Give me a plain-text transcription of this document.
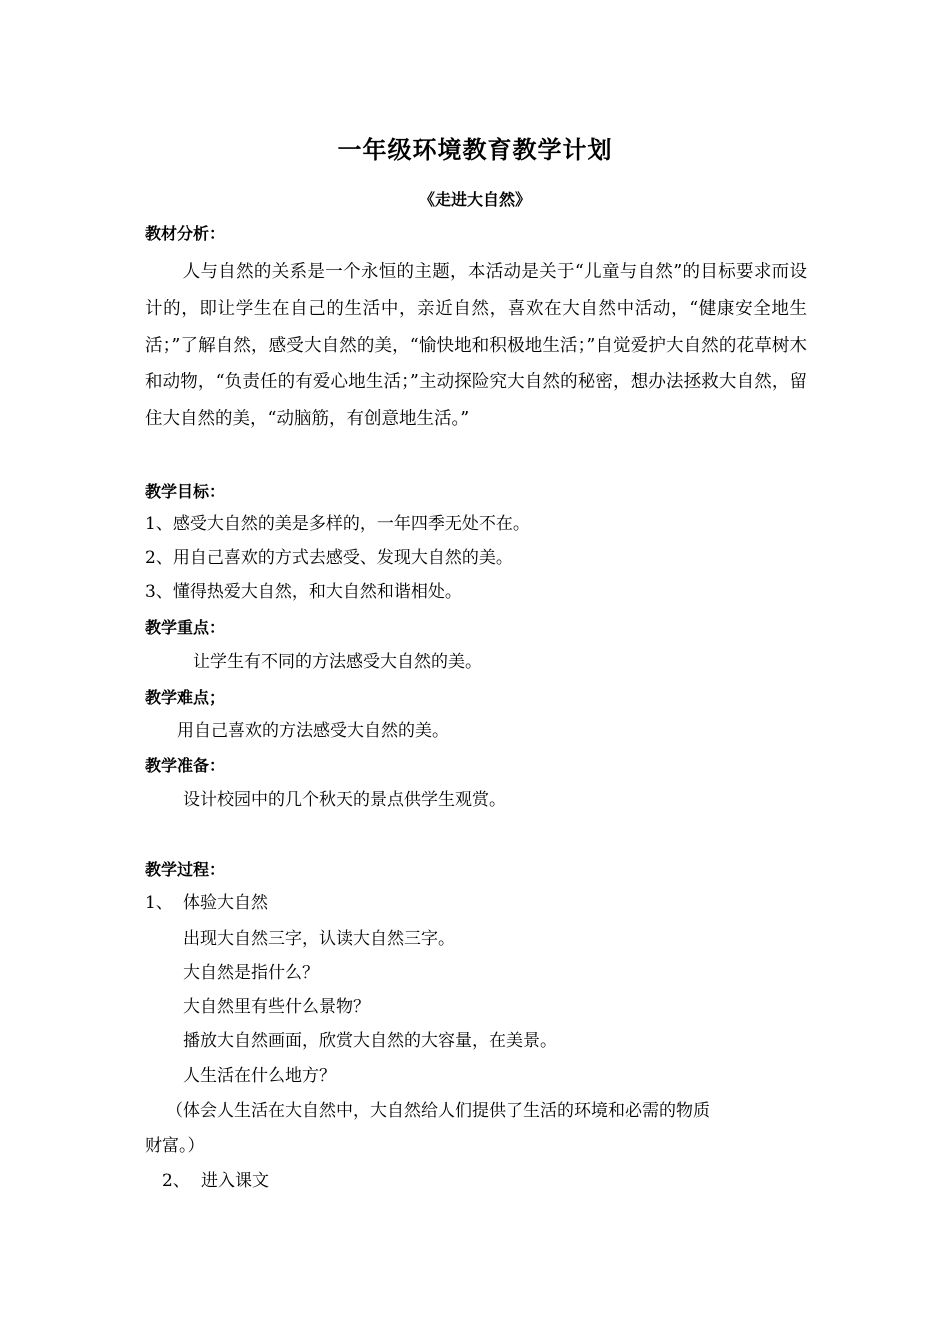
一年级环境教育教学计划
《走进大自然》
教材分析：

人与自然的关系是一个永恒的主题，本活动是关于“儿童与自然”的目标要求而设计的，即让学生在自己的生活中，亲近自然，喜欢在大自然中活动，“健康安全地生活；”了解自然，感受大自然的美，“愉快地和积极地生活；”自觉爱护大自然的花草树木和动物，“负责任的有爱心地生活；”主动探险究大自然的秘密，想办法拯救大自然，留住大自然的美，“动脑筋，有创意地生活。”

教学目标：
1、感受大自然的美是多样的，一年四季无处不在。
2、用自己喜欢的方式去感受、发现大自然的美。
3、懂得热爱大自然，和大自然和谐相处。
教学重点：
让学生有不同的方法感受大自然的美。
教学难点；
用自己喜欢的方法感受大自然的美。
教学准备：
设计校园中的几个秋天的景点供学生观赏。
教学过程：
1、 体验大自然
出现大自然三字，认读大自然三字。
大自然是指什么？
大自然里有些什么景物？
播放大自然画面，欣赏大自然的大容量，在美景。
人生活在什么地方？
（体会人生活在大自然中，大自然给人们提供了生活的环境和必需的物质
财富。）
2、 进入课文
